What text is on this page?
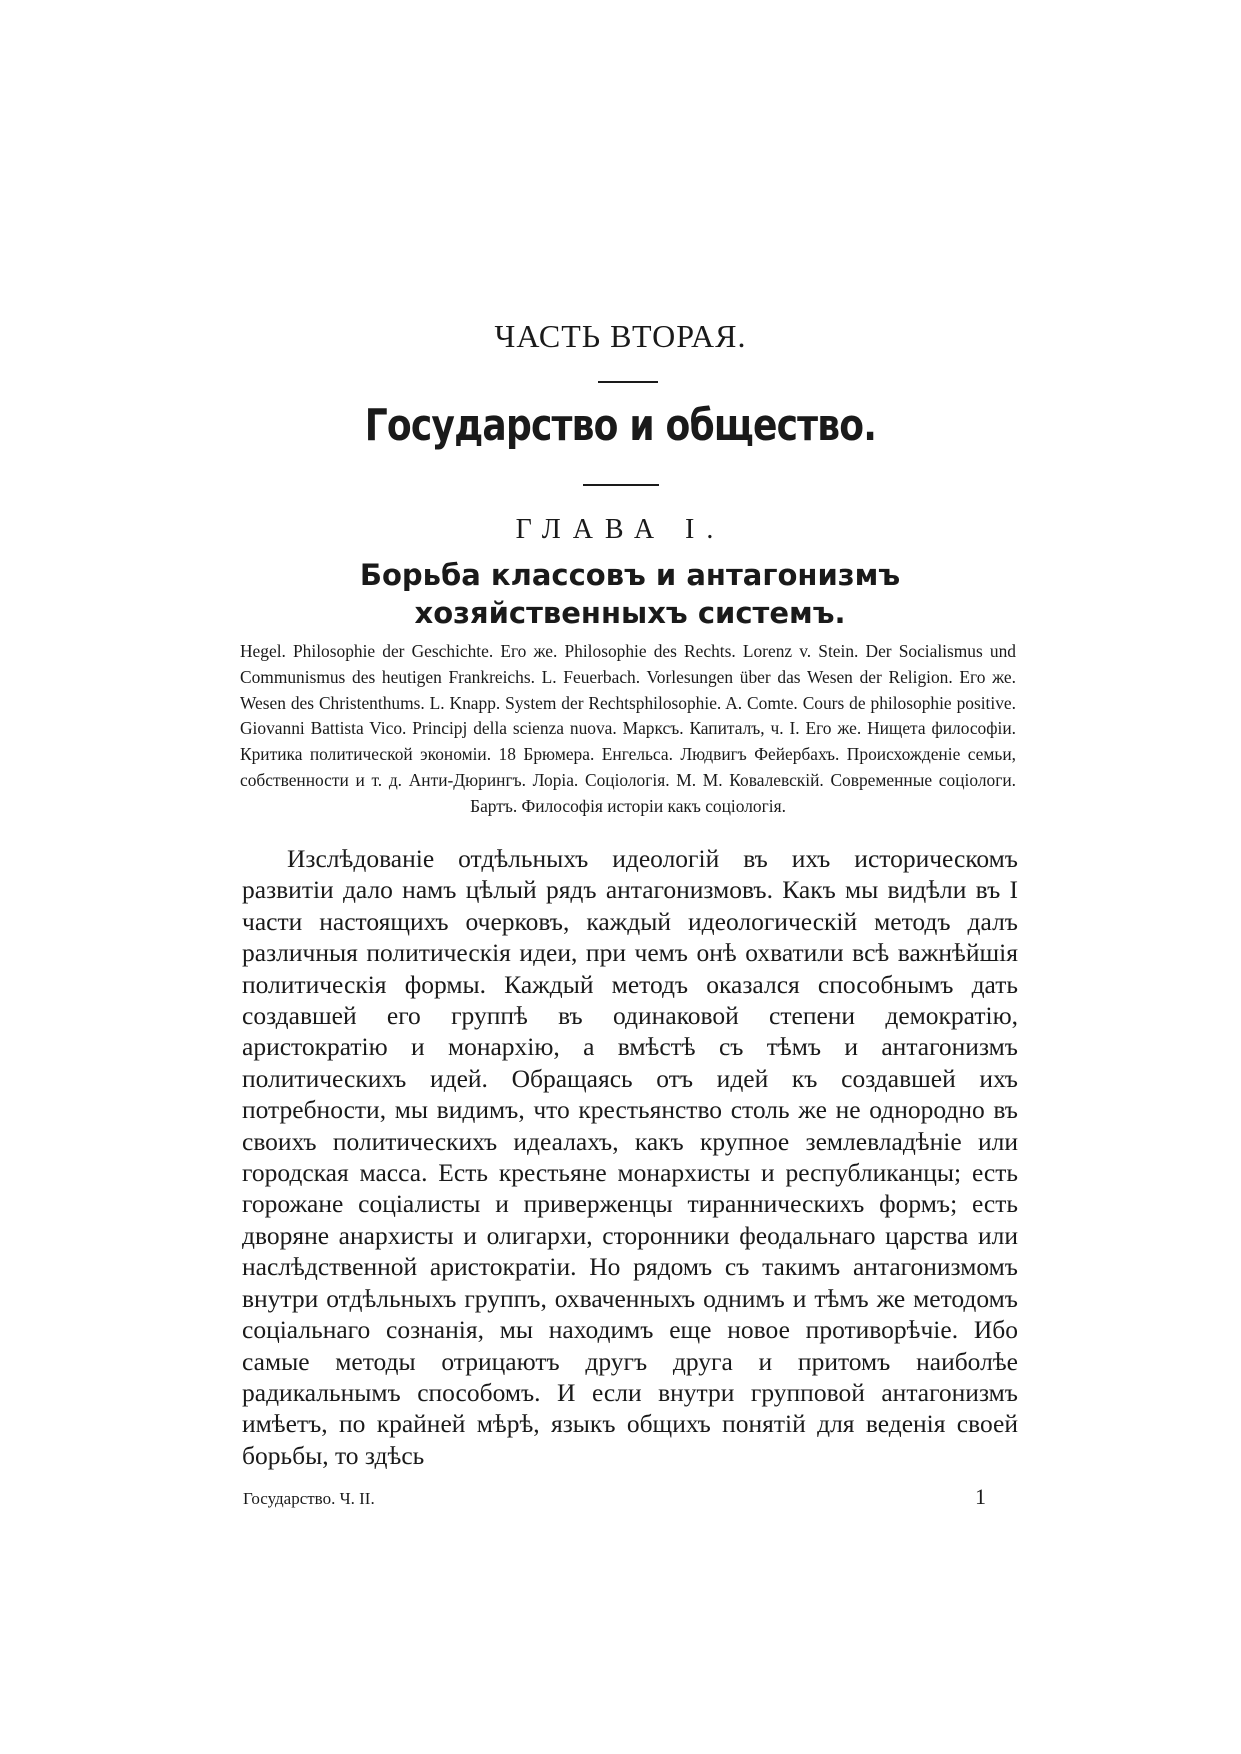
ЧАСТЬ ВТОРАЯ.
Государство и общество.
ГЛАВА I.
Борьба классовъ и антагонизмъ хозяйственныхъ системъ.
Hegel. Philosophie der Geschichte. Его же. Philosophie des Rechts. Lorenz v. Stein. Der Socialismus und Communismus des heutigen Frankreichs. L. Feuerbach. Vorlesungen über das Wesen der Religion. Его же. Wesen des Christenthums. L. Knapp. System der Rechtsphilosophie. A. Comte. Cours de philosophie positive. Giovanni Battista Vico. Principj della scienza nuova. Марксъ. Капиталъ, ч. I. Его же. Нищета философіи. Критика политической экономіи. 18 Брюмера. Енгельса. Людвигъ Фейербахъ. Происхожденіе семьи, собственности и т. д. Анти-Дюрингъ. Лоріа. Соціологія. М. М. Ковалевскій. Современные соціологи. Бартъ. Философія исторіи какъ соціологія.
Изслѣдованіе отдѣльныхъ идеологій въ ихъ историческомъ развитіи дало намъ цѣлый рядъ антагонизмовъ. Какъ мы видѣли въ I части настоящихъ очерковъ, каждый идеологическій методъ далъ различныя политическія идеи, при чемъ онѣ охватили всѣ важнѣйшія политическія формы. Каждый методъ оказался способнымъ дать создавшей его группѣ въ одинаковой степени демократію, аристократію и монархію, а вмѣстѣ съ тѣмъ и антагонизмъ политическихъ идей. Обращаясь отъ идей къ создавшей ихъ потребности, мы видимъ, что крестьянство столь же не однородно въ своихъ политическихъ идеалахъ, какъ крупное землевладѣніе или городская масса. Есть крестьяне монархисты и республиканцы; есть горожане соціалисты и приверженцы тиранническихъ формъ; есть дворяне анархисты и олигархи, сторонники феодальнаго царства или наслѣдственной аристократіи. Но рядомъ съ такимъ антагонизмомъ внутри отдѣльныхъ группъ, охваченныхъ однимъ и тѣмъ же методомъ соціальнаго сознанія, мы находимъ еще новое противорѣчіе. Ибо самые методы отрицаютъ другъ друга и притомъ наиболѣе радикальнымъ способомъ. И если внутри групповой антагонизмъ имѣетъ, по крайней мѣрѣ, языкъ общихъ понятій для веденія своей борьбы, то здѣсь
Государство. Ч. II.	1
